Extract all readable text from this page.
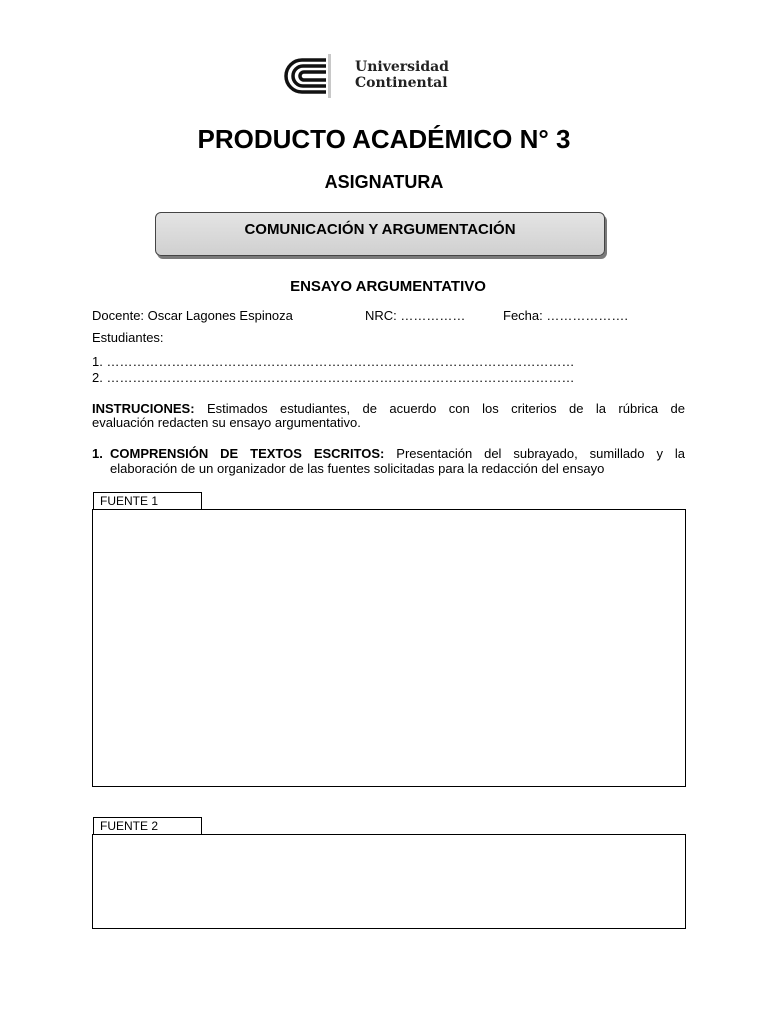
Universidad
Continental
PRODUCTO ACADÉMICO N° 3
ASIGNATURA
COMUNICACIÓN Y ARGUMENTACIÓN
ENSAYO ARGUMENTATIVO
Docente: Oscar Lagones Espinoza	NRC: ……………	Fecha: ……………….
Estudiantes:
1. ………………………………………………………………………………………………
2. ………………………………………………………………………………………………
INSTRUCIONES: Estimados estudiantes, de acuerdo con los criterios de la rúbrica de
evaluación redacten su ensayo argumentativo.
1. COMPRENSIÓN DE TEXTOS ESCRITOS: Presentación del subrayado, sumillado y la
elaboración de un organizador de las fuentes solicitadas para la redacción del ensayo
FUENTE 1
FUENTE 2
